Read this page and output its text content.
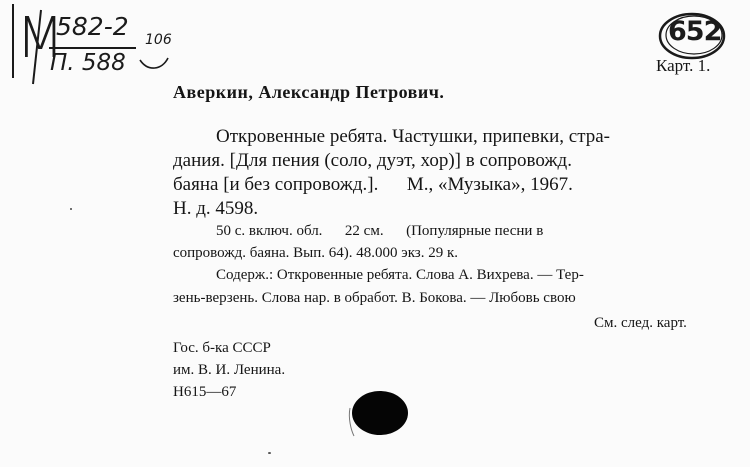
М
582-2
П. 588
106	652
Карт. 1.
Аверкин, Александр Петрович.
Откровенные ребята. Частушки, припевки, стра-
дания. [Для пения (соло, дуэт, хор)] в сопровожд.
баяна [и без сопровожд.].      М., «Музыка», 1967.
Н. д. 4598.
50 с. включ. обл.      22 см.      (Популярные песни в
сопровожд. баяна. Вып. 64). 48.000 экз. 29 к.
Содерж.: Откровенные ребята. Слова А. Вихрева. — Тер-
зень-верзень. Слова нар. в обработ. В. Бокова. — Любовь свою
См. след. карт.
Гос. б-ка СССР
им. В. И. Ленина.
Н615—67
